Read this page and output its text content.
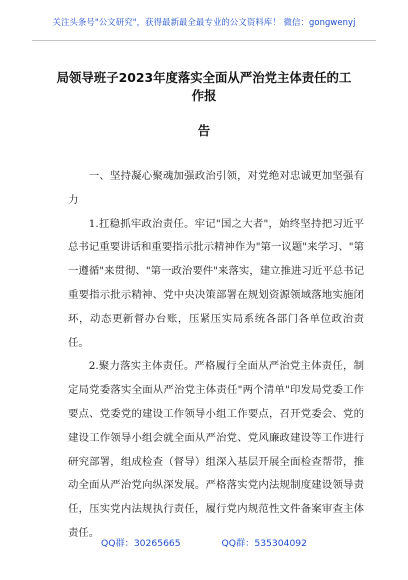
关注头条号"公文研究"，获得最新最全最专业的公文资料库！ 微信：gongwenyj
局领导班子2023年度落实全面从严治党主体责任的工作报
告

一、坚持凝心聚魂加强政治引领，对党绝对忠诚更加坚强有力

1.扛稳抓牢政治责任。牢记"国之大者"，始终坚持把习近平总书记重要讲话和重要指示批示精神作为"第一议题"来学习、"第一遵循"来贯彻、"第一政治要件"来落实，建立推进习近平总书记重要指示批示精神、党中央决策部署在规划资源领域落地实施闭环，动态更新督办台账，压紧压实局系统各部门各单位政治责任。

2.聚力落实主体责任。严格履行全面从严治党主体责任，制定局党委落实全面从严治党主体责任"两个清单"印发局党委工作要点、党委党的建设工作领导小组工作要点，召开党委会、党的建设工作领导小组会就全面从严治党、党风廉政建设等工作进行研究部署，组成检查（督导）组深入基层开展全面检查帮带，推动全面从严治党向纵深发展。严格落实党内法规制度建设领导责任，压实党内法规执行责任，履行党内规范性文件备案审查主体责任。

QQ群：30265665	QQ群：535304092
